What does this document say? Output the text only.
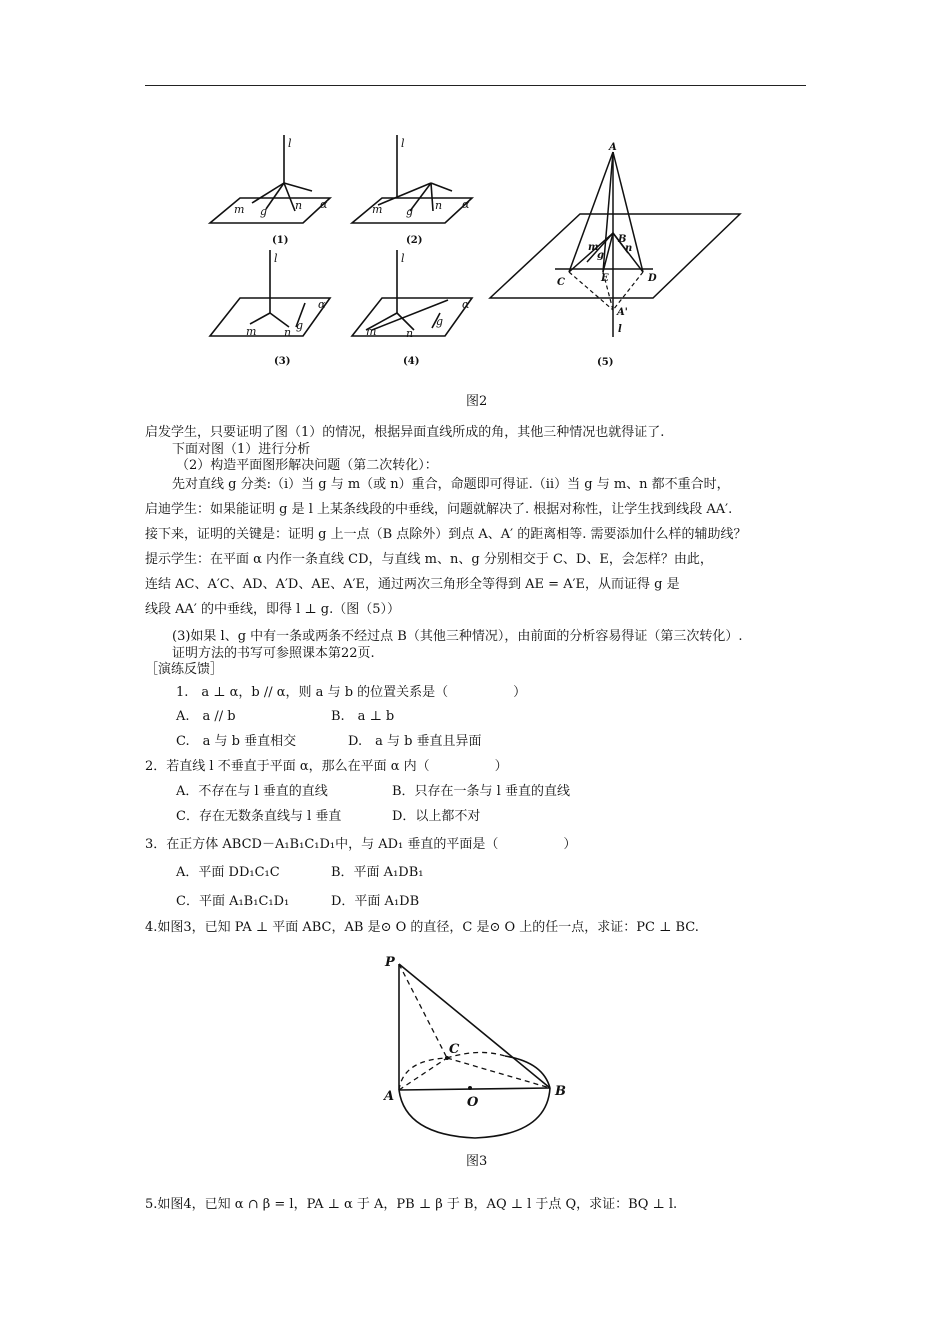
l
α
m g	n
l
α
m g n
l
α
m	n
g
l
α
m	n
g
(1)	(2)
(3)	(4)
A
B
C	D
E
A'
m
g
n
l
(5)
图2
启发学生，只要证明了图（1）的情况，根据异面直线所成的角，其他三种情况也就得证了.
下面对图（1）进行分析
（2）构造平面图形解决问题（第二次转化）：
先对直线 g 分类:（ⅰ）当 g 与 m（或 n）重合，命题即可得证.（ⅱ）当 g 与 m、n 都不重合时，
启迪学生：如果能证明 g 是 l 上某条线段的中垂线，问题就解决了. 根据对称性，让学生找到线段 AA′.
接下来，证明的关键是：证明 g 上一点（B 点除外）到点 A、A′ 的距离相等. 需要添加什么样的辅助线？
提示学生：在平面 α 内作一条直线 CD，与直线 m、n、g 分别相交于 C、D、E，会怎样？由此，
连结 AC、A′C、AD、A′D、AE、A′E，通过两次三角形全等得到 AE = A′E，从而证得 g 是
线段 AA′ 的中垂线，即得 l ⊥ g.（图（5））
(3)如果 l、g 中有一条或两条不经过点 B（其他三种情况），由前面的分析容易得证（第三次转化）.
证明方法的书写可参照课本第22页.
［演练反馈］
1.　a ⊥ α，b // α，则 a 与 b 的位置关系是（　　　　　）
A.　a // b	B.　a ⊥ b
C.　a 与 b 垂直相交	D.　a 与 b 垂直且异面
2．若直线 l 不垂直于平面 α，那么在平面 α 内（　　　　　）
A．不存在与 l 垂直的直线	B．只存在一条与 l 垂直的直线
C．存在无数条直线与 l 垂直	D．以上都不对
3．在正方体 ABCD－A₁B₁C₁D₁中，与 AD₁ 垂直的平面是（　　　　　）
A．平面 DD₁C₁C	B．平面 A₁DB₁
C．平面 A₁B₁C₁D₁	D．平面 A₁DB
4.如图3，已知 PA ⊥ 平面 ABC，AB 是⊙ O 的直径，C 是⊙ O 上的任一点，求证：PC ⊥ BC.
P
C
A	O
B
图3
5.如图4，已知 α ∩ β = l，PA ⊥ α 于 A，PB ⊥ β 于 B，AQ ⊥ l 于点 Q，求证：BQ ⊥ l.
